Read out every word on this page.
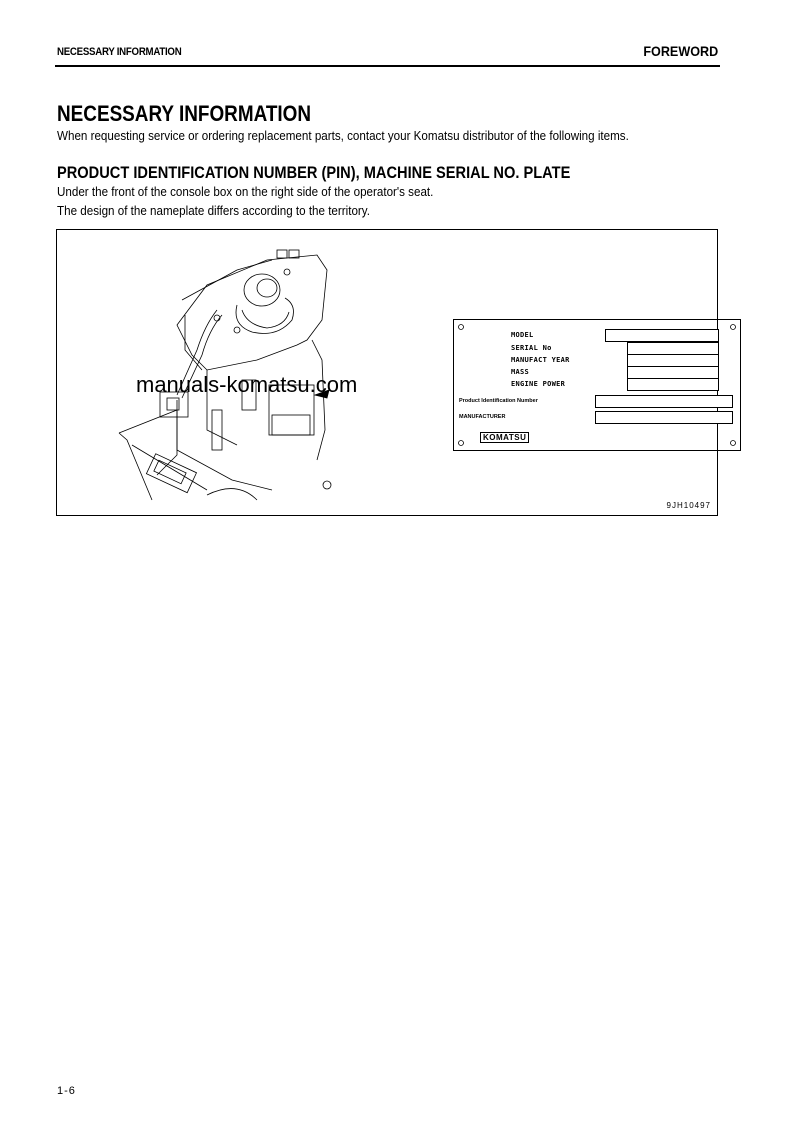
NECESSARY INFORMATION	FOREWORD
NECESSARY INFORMATION
When requesting service or ordering replacement parts, contact your Komatsu distributor of the following items.
PRODUCT IDENTIFICATION NUMBER (PIN), MACHINE SERIAL NO. PLATE
Under the front of the console box on the right side of the operator's seat.
The design of the nameplate differs according to the territory.
manuals-komatsu.com
MODEL
SERIAL No
MANUFACT YEAR
MASS
ENGINE POWER
Product Identification Number
MANUFACTURER
KOMATSU
9JH10497
1-6
